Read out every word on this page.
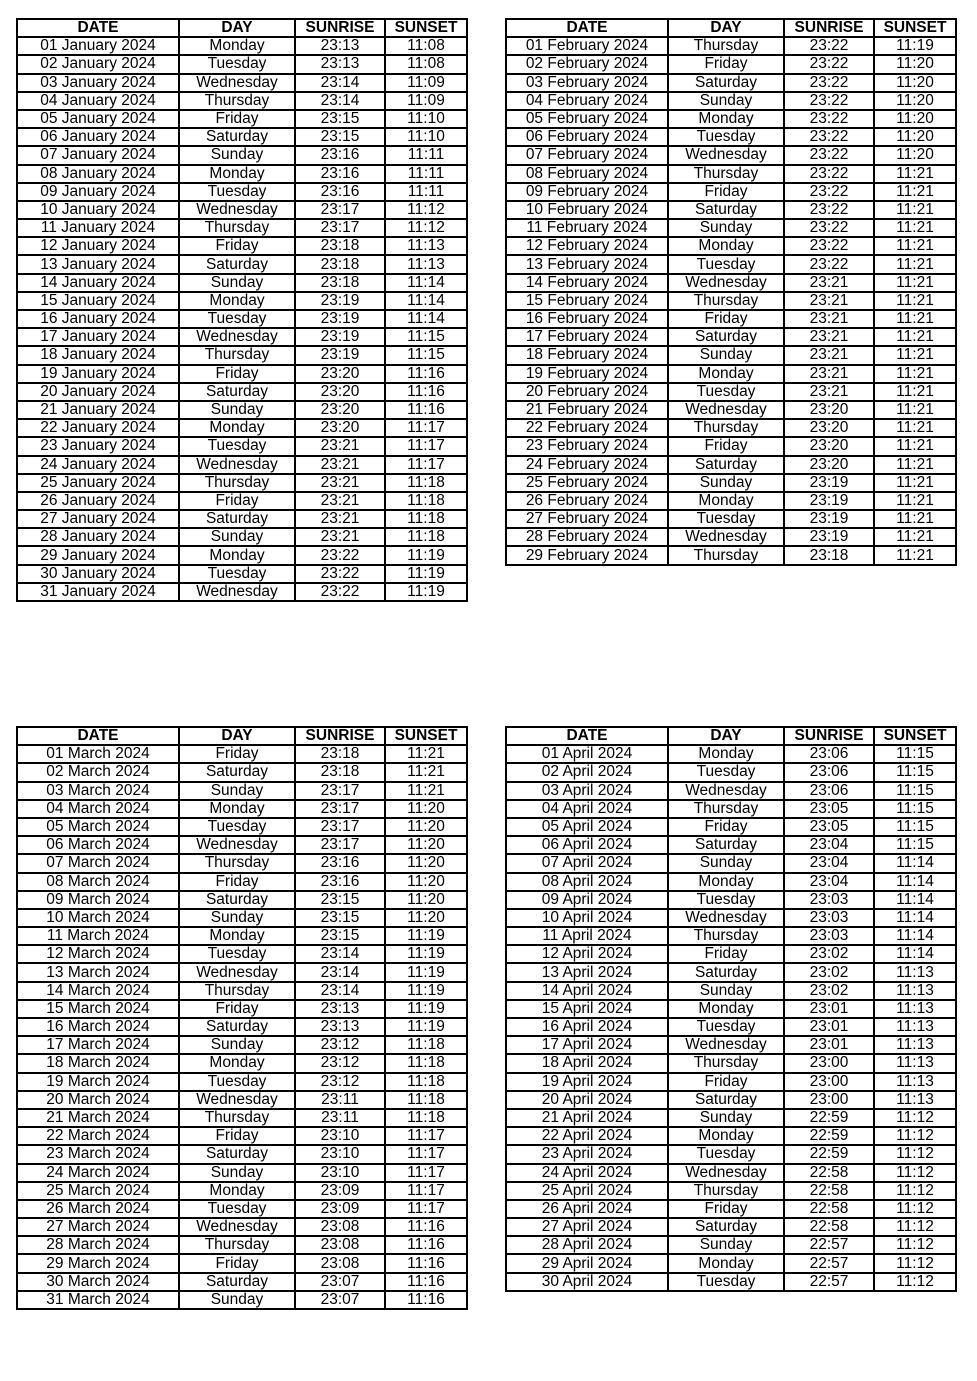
DATE	DAY	SUNRISE	SUNSET
01 January 2024	Monday	23:13	11:08
02 January 2024	Tuesday	23:13	11:08
03 January 2024	Wednesday	23:14	11:09
04 January 2024	Thursday	23:14	11:09
05 January 2024	Friday	23:15	11:10
06 January 2024	Saturday	23:15	11:10
07 January 2024	Sunday	23:16	11:11
08 January 2024	Monday	23:16	11:11
09 January 2024	Tuesday	23:16	11:11
10 January 2024	Wednesday	23:17	11:12
11 January 2024	Thursday	23:17	11:12
12 January 2024	Friday	23:18	11:13
13 January 2024	Saturday	23:18	11:13
14 January 2024	Sunday	23:18	11:14
15 January 2024	Monday	23:19	11:14
16 January 2024	Tuesday	23:19	11:14
17 January 2024	Wednesday	23:19	11:15
18 January 2024	Thursday	23:19	11:15
19 January 2024	Friday	23:20	11:16
20 January 2024	Saturday	23:20	11:16
21 January 2024	Sunday	23:20	11:16
22 January 2024	Monday	23:20	11:17
23 January 2024	Tuesday	23:21	11:17
24 January 2024	Wednesday	23:21	11:17
25 January 2024	Thursday	23:21	11:18
26 January 2024	Friday	23:21	11:18
27 January 2024	Saturday	23:21	11:18
28 January 2024	Sunday	23:21	11:18
29 January 2024	Monday	23:22	11:19
30 January 2024	Tuesday	23:22	11:19
31 January 2024	Wednesday	23:22	11:19
DATE	DAY	SUNRISE	SUNSET
01 February 2024	Thursday	23:22	11:19
02 February 2024	Friday	23:22	11:20
03 February 2024	Saturday	23:22	11:20
04 February 2024	Sunday	23:22	11:20
05 February 2024	Monday	23:22	11:20
06 February 2024	Tuesday	23:22	11:20
07 February 2024	Wednesday	23:22	11:20
08 February 2024	Thursday	23:22	11:21
09 February 2024	Friday	23:22	11:21
10 February 2024	Saturday	23:22	11:21
11 February 2024	Sunday	23:22	11:21
12 February 2024	Monday	23:22	11:21
13 February 2024	Tuesday	23:22	11:21
14 February 2024	Wednesday	23:21	11:21
15 February 2024	Thursday	23:21	11:21
16 February 2024	Friday	23:21	11:21
17 February 2024	Saturday	23:21	11:21
18 February 2024	Sunday	23:21	11:21
19 February 2024	Monday	23:21	11:21
20 February 2024	Tuesday	23:21	11:21
21 February 2024	Wednesday	23:20	11:21
22 February 2024	Thursday	23:20	11:21
23 February 2024	Friday	23:20	11:21
24 February 2024	Saturday	23:20	11:21
25 February 2024	Sunday	23:19	11:21
26 February 2024	Monday	23:19	11:21
27 February 2024	Tuesday	23:19	11:21
28 February 2024	Wednesday	23:19	11:21
29 February 2024	Thursday	23:18	11:21
DATE	DAY	SUNRISE	SUNSET
01 March 2024	Friday	23:18	11:21
02 March 2024	Saturday	23:18	11:21
03 March 2024	Sunday	23:17	11:21
04 March 2024	Monday	23:17	11:20
05 March 2024	Tuesday	23:17	11:20
06 March 2024	Wednesday	23:17	11:20
07 March 2024	Thursday	23:16	11:20
08 March 2024	Friday	23:16	11:20
09 March 2024	Saturday	23:15	11:20
10 March 2024	Sunday	23:15	11:20
11 March 2024	Monday	23:15	11:19
12 March 2024	Tuesday	23:14	11:19
13 March 2024	Wednesday	23:14	11:19
14 March 2024	Thursday	23:14	11:19
15 March 2024	Friday	23:13	11:19
16 March 2024	Saturday	23:13	11:19
17 March 2024	Sunday	23:12	11:18
18 March 2024	Monday	23:12	11:18
19 March 2024	Tuesday	23:12	11:18
20 March 2024	Wednesday	23:11	11:18
21 March 2024	Thursday	23:11	11:18
22 March 2024	Friday	23:10	11:17
23 March 2024	Saturday	23:10	11:17
24 March 2024	Sunday	23:10	11:17
25 March 2024	Monday	23:09	11:17
26 March 2024	Tuesday	23:09	11:17
27 March 2024	Wednesday	23:08	11:16
28 March 2024	Thursday	23:08	11:16
29 March 2024	Friday	23:08	11:16
30 March 2024	Saturday	23:07	11:16
31 March 2024	Sunday	23:07	11:16
DATE	DAY	SUNRISE	SUNSET
01 April 2024	Monday	23:06	11:15
02 April 2024	Tuesday	23:06	11:15
03 April 2024	Wednesday	23:06	11:15
04 April 2024	Thursday	23:05	11:15
05 April 2024	Friday	23:05	11:15
06 April 2024	Saturday	23:04	11:15
07 April 2024	Sunday	23:04	11:14
08 April 2024	Monday	23:04	11:14
09 April 2024	Tuesday	23:03	11:14
10 April 2024	Wednesday	23:03	11:14
11 April 2024	Thursday	23:03	11:14
12 April 2024	Friday	23:02	11:14
13 April 2024	Saturday	23:02	11:13
14 April 2024	Sunday	23:02	11:13
15 April 2024	Monday	23:01	11:13
16 April 2024	Tuesday	23:01	11:13
17 April 2024	Wednesday	23:01	11:13
18 April 2024	Thursday	23:00	11:13
19 April 2024	Friday	23:00	11:13
20 April 2024	Saturday	23:00	11:13
21 April 2024	Sunday	22:59	11:12
22 April 2024	Monday	22:59	11:12
23 April 2024	Tuesday	22:59	11:12
24 April 2024	Wednesday	22:58	11:12
25 April 2024	Thursday	22:58	11:12
26 April 2024	Friday	22:58	11:12
27 April 2024	Saturday	22:58	11:12
28 April 2024	Sunday	22:57	11:12
29 April 2024	Monday	22:57	11:12
30 April 2024	Tuesday	22:57	11:12
